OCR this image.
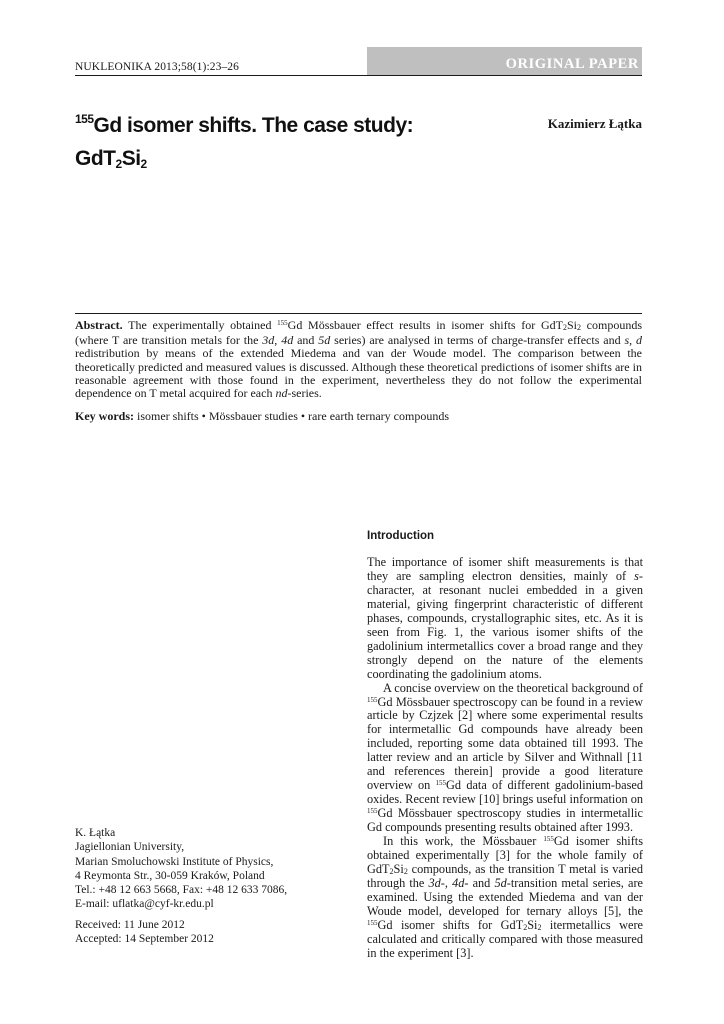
NUKLEONIKA 2013;58(1):23–26	ORIGINAL PAPER
$^{155}$Gd isomer shifts. The case study:
$GdT_2Si_2$
Kazimierz Łątka
Abstract. The experimentally obtained $^{155}$Gd Mössbauer effect results in isomer shifts for $GdT_2Si_2$ compounds (where T are transition metals for the 3d, 4d and 5d series) are analysed in terms of charge-transfer effects and s, d redistribution by means of the extended Miedema and van der Woude model. The comparison between the theoretically predicted and measured values is discussed. Although these theoretical predictions of isomer shifts are in reasonable agreement with those found in the experiment, nevertheless they do not follow the experimental dependence on T metal acquired for each nd-series.
Key words: isomer shifts • Mössbauer studies • rare earth ternary compounds
Introduction

The importance of isomer shift measurements is that they are sampling electron densities, mainly of s-character, at resonant nuclei embedded in a given material, giving fingerprint characteristic of different phases, compounds, crystallographic sites, etc. As it is seen from Fig. 1, the various isomer shifts of the gadolinium intermetallics cover a broad range and they strongly depend on the nature of the elements coordinating the gadolinium atoms.

A concise overview on the theoretical background of $^{155}$Gd Mössbauer spectroscopy can be found in a review article by Czjzek [2] where some experimental results for intermetallic Gd compounds have already been included, reporting some data obtained till 1993. The latter review and an article by Silver and Withnall [11 and references therein] provide a good literature overview on $^{155}$Gd data of different gadolinium-based oxides. Recent review [10] brings useful information on $^{155}$Gd Mössbauer spectroscopy studies in intermetallic Gd compounds presenting results obtained after 1993.

In this work, the Mössbauer $^{155}$Gd isomer shifts obtained experimentally [3] for the whole family of $GdT_2Si_2$ compounds, as the transition T metal is varied through the 3d-, 4d- and 5d-transition metal series, are examined. Using the extended Miedema and van der Woude model, developed for ternary alloys [5], the $^{155}$Gd isomer shifts for $GdT_2Si_2$ itermetallics were calculated and critically compared with those measured in the experiment [3].

K. Łątka
Jagiellonian University,
Marian Smoluchowski Institute of Physics,
4 Reymonta Str., 30-059 Kraków, Poland
Tel.: +48 12 663 5668, Fax: +48 12 633 7086,
E-mail: uflatka@cyf-kr.edu.pl
Received: 11 June 2012
Accepted: 14 September 2012
